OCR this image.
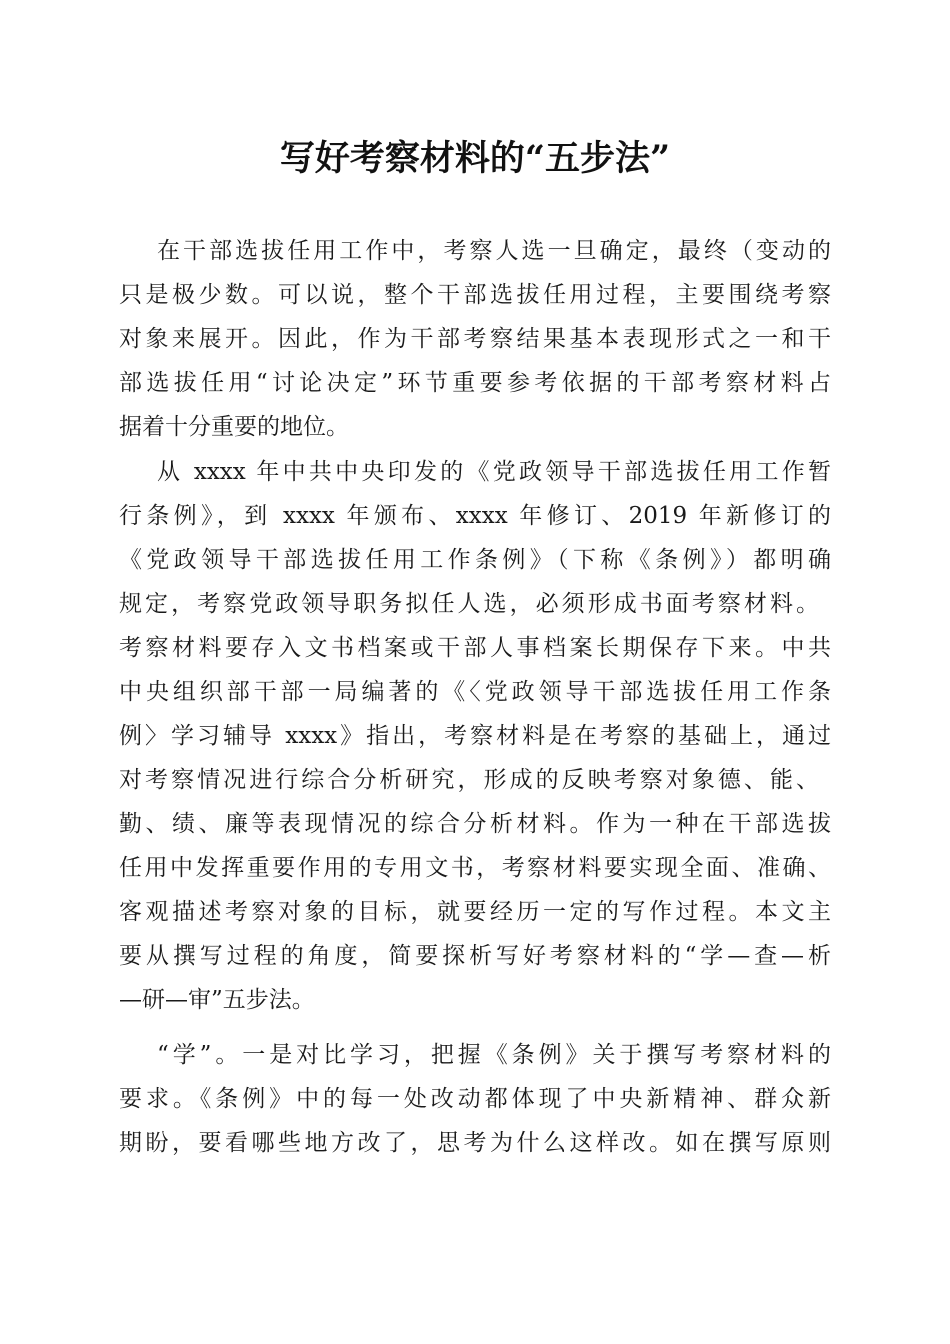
写好考察材料的“五步法”
在干部选拔任用工作中，考察人选一旦确定，最终（变动的
只是极少数。可以说，整个干部选拔任用过程，主要围绕考察
对象来展开。因此，作为干部考察结果基本表现形式之一和干
部选拔任用“讨论决定”环节重要参考依据的干部考察材料占
据着十分重要的地位。
从 xxxx 年中共中央印发的《党政领导干部选拔任用工作暂
行条例》，到 xxxx 年颁布、xxxx 年修订、2019 年新修订的
《党政领导干部选拔任用工作条例》（下称《条例》）都明确
规定，考察党政领导职务拟任人选，必须形成书面考察材料。
考察材料要存入文书档案或干部人事档案长期保存下来。中共
中央组织部干部一局编著的《〈党政领导干部选拔任用工作条
例〉学习辅导 xxxx》指出，考察材料是在考察的基础上，通过
对考察情况进行综合分析研究，形成的反映考察对象德、能、
勤、绩、廉等表现情况的综合分析材料。作为一种在干部选拔
任用中发挥重要作用的专用文书，考察材料要实现全面、准确、
客观描述考察对象的目标，就要经历一定的写作过程。本文主
要从撰写过程的角度，简要探析写好考察材料的“学—查—析
—研—审”五步法。
“学”。一是对比学习，把握《条例》关于撰写考察材料的
要求。《条例》中的每一处改动都体现了中央新精神、群众新
期盼，要看哪些地方改了，思考为什么这样改。如在撰写原则
